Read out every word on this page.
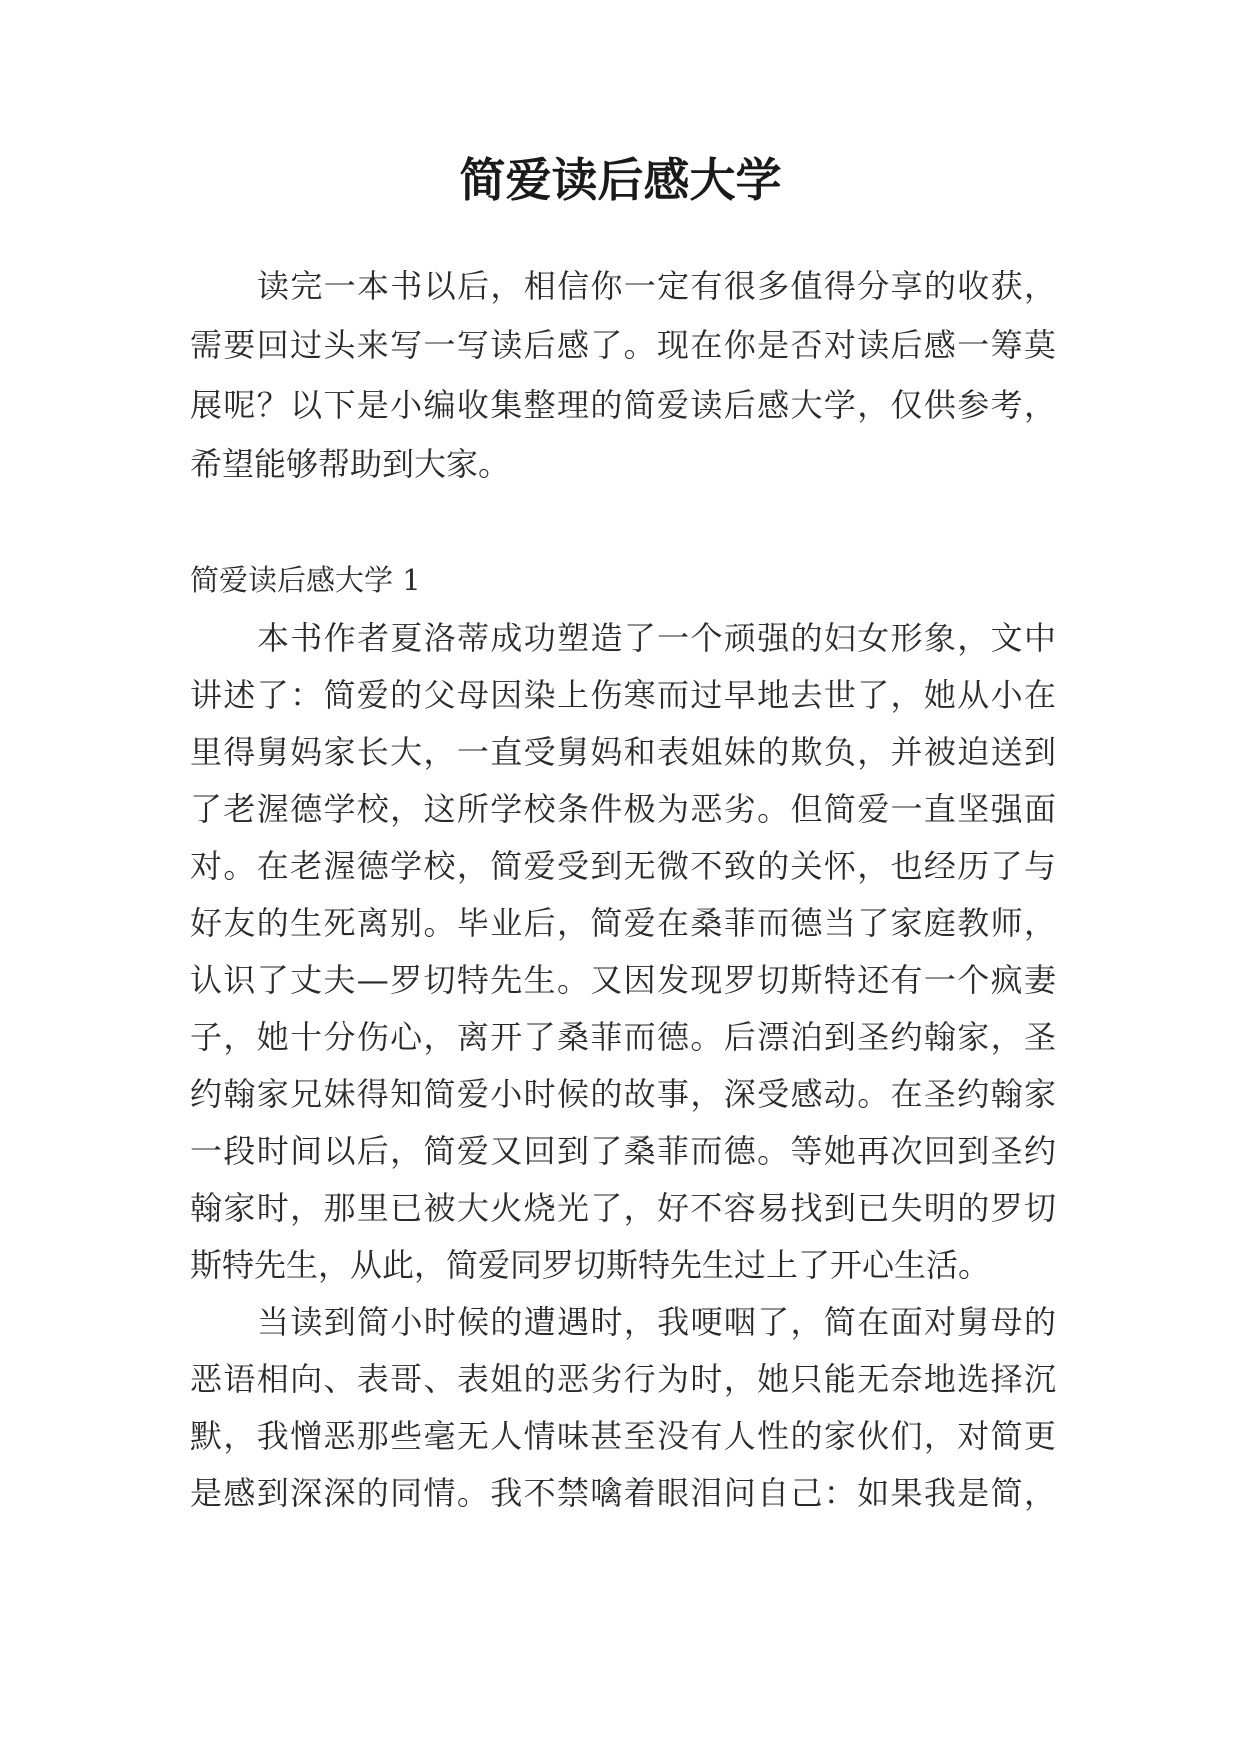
简爱读后感大学
读完一本书以后，相信你一定有很多值得分享的收获，
需要回过头来写一写读后感了。现在你是否对读后感一筹莫
展呢？以下是小编收集整理的简爱读后感大学，仅供参考，
希望能够帮助到大家。
简爱读后感大学 1
本书作者夏洛蒂成功塑造了一个顽强的妇女形象，文中
讲述了：简爱的父母因染上伤寒而过早地去世了，她从小在
里得舅妈家长大，一直受舅妈和表姐妹的欺负，并被迫送到
了老渥德学校，这所学校条件极为恶劣。但简爱一直坚强面
对。在老渥德学校，简爱受到无微不致的关怀，也经历了与
好友的生死离别。毕业后，简爱在桑菲而德当了家庭教师，
认识了丈夫—罗切特先生。又因发现罗切斯特还有一个疯妻
子，她十分伤心，离开了桑菲而德。后漂泊到圣约翰家，圣
约翰家兄妹得知简爱小时候的故事，深受感动。在圣约翰家
一段时间以后，简爱又回到了桑菲而德。等她再次回到圣约
翰家时，那里已被大火烧光了，好不容易找到已失明的罗切
斯特先生，从此，简爱同罗切斯特先生过上了开心生活。
当读到简小时候的遭遇时，我哽咽了，简在面对舅母的
恶语相向、表哥、表姐的恶劣行为时，她只能无奈地选择沉
默，我憎恶那些毫无人情味甚至没有人性的家伙们，对简更
是感到深深的同情。我不禁噙着眼泪问自己：如果我是简，
